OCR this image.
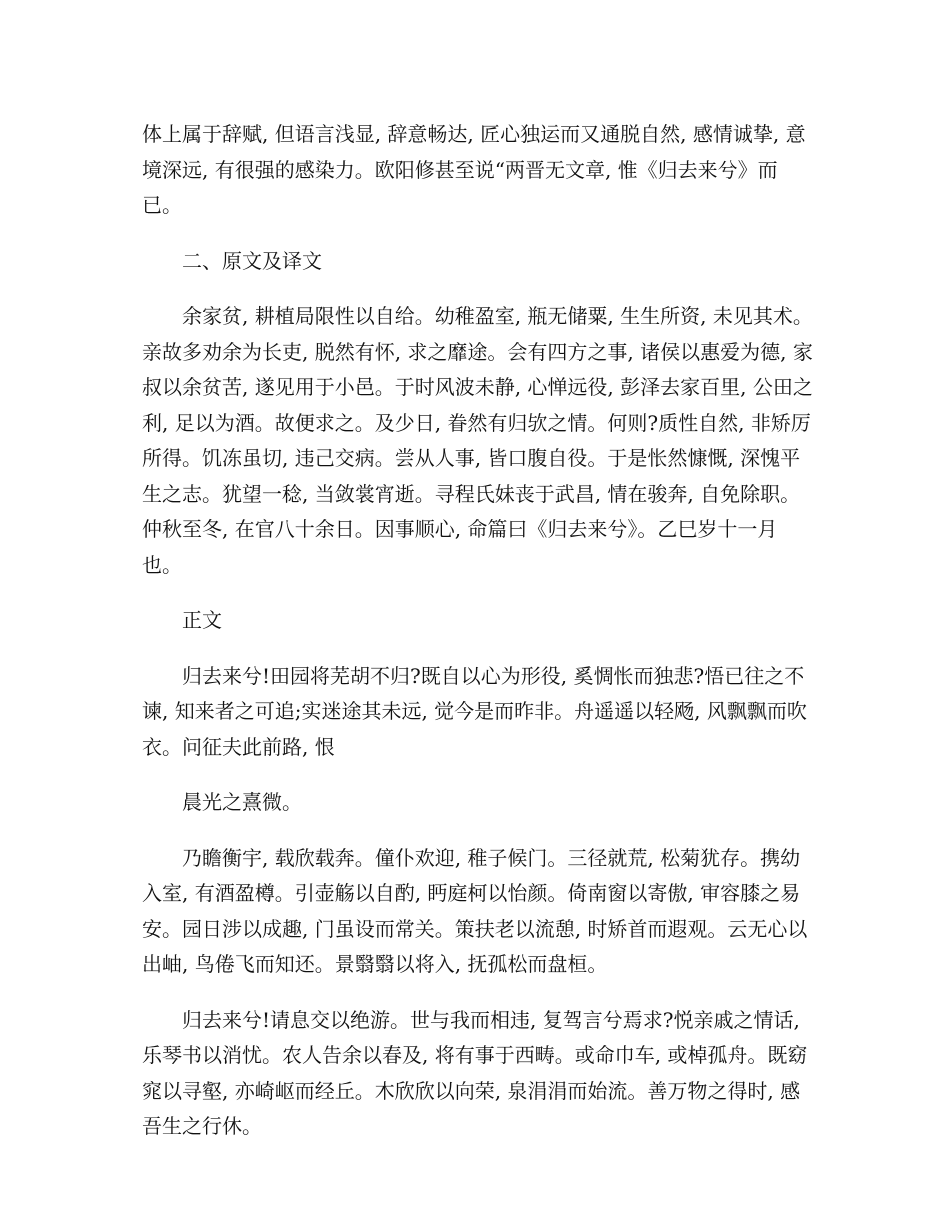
体上属于辞赋, 但语言浅显, 辞意畅达, 匠心独运而又通脱自然, 感情诚挚, 意境深远, 有很强的感染力。欧阳修甚至说“两晋无文章, 惟《归去来兮》而已。

二、原文及译文

余家贫, 耕植局限性以自给。幼稚盈室, 瓶无储粟, 生生所资, 未见其术。亲故多劝余为长吏, 脱然有怀, 求之靡途。会有四方之事, 诸侯以惠爱为德, 家叔以余贫苦, 遂见用于小邑。于时风波未静, 心惮远役, 彭泽去家百里, 公田之利, 足以为酒。故便求之。及少日, 眷然有归欤之情。何则?质性自然, 非矫厉所得。饥冻虽切, 违己交病。尝从人事, 皆口腹自役。于是怅然慷慨, 深愧平生之志。犹望一稔, 当敛裳宵逝。寻程氏妹丧于武昌, 情在骏奔, 自免除职。仲秋至冬, 在官八十余日。因事顺心, 命篇曰《归去来兮》。乙巳岁十一月也。

正文

归去来兮!田园将芜胡不归?既自以心为形役, 奚惆怅而独悲?悟已往之不谏, 知来者之可追;实迷途其未远, 觉今是而昨非。舟遥遥以轻飏, 风飘飘而吹衣。问征夫此前路, 恨

晨光之熹微。

乃瞻衡宇, 载欣载奔。僮仆欢迎, 稚子候门。三径就荒, 松菊犹存。携幼入室, 有酒盈樽。引壶觞以自酌, 眄庭柯以怡颜。倚南窗以寄傲, 审容膝之易安。园日涉以成趣, 门虽设而常关。策扶老以流憩, 时矫首而遐观。云无心以出岫, 鸟倦飞而知还。景翳翳以将入, 抚孤松而盘桓。

归去来兮!请息交以绝游。世与我而相违, 复驾言兮焉求?悦亲戚之情话, 乐琴书以消忧。农人告余以春及, 将有事于西畴。或命巾车, 或棹孤舟。既窈窕以寻壑, 亦崎岖而经丘。木欣欣以向荣, 泉涓涓而始流。善万物之得时, 感吾生之行休。
